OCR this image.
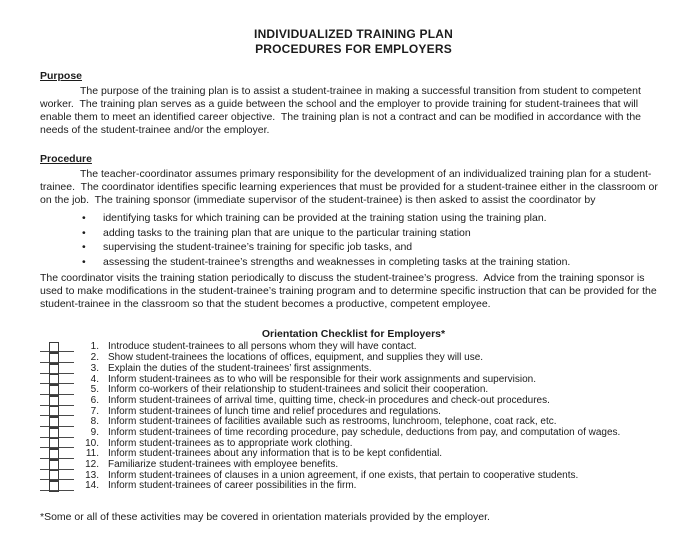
INDIVIDUALIZED TRAINING PLAN
PROCEDURES FOR EMPLOYERS
Purpose
The purpose of the training plan is to assist a student-trainee in making a successful transition from student to competent worker.  The training plan serves as a guide between the school and the employer to provide training for student-trainees that will enable them to meet an identified career objective.  The training plan is not a contract and can be modified in accordance with the needs of the student-trainee and/or the employer.
Procedure
The teacher-coordinator assumes primary responsibility for the development of an individualized training plan for a student-trainee.  The coordinator identifies specific learning experiences that must be provided for a student-trainee either in the classroom or on the job.  The training sponsor (immediate supervisor of the student-trainee) is then asked to assist the coordinator by
•	identifying tasks for which training can be provided at the training station using the training plan.
•	adding tasks to the training plan that are unique to the particular training station
•	supervising the student-trainee’s training for specific job tasks, and
•	assessing the student-trainee’s strengths and weaknesses in completing tasks at the training station.
The coordinator visits the training station periodically to discuss the student-trainee’s progress.  Advice from the training sponsor is used to make modifications in the student-trainee’s training program and to determine specific instruction that can be provided for the student-trainee in the classroom so that the student becomes a productive, competent employee.
Orientation Checklist for Employers*
1. Introduce student-trainees to all persons whom they will have contact.
2. Show student-trainees the locations of offices, equipment, and supplies they will use.
3. Explain the duties of the student-trainees’ first assignments.
4. Inform student-trainees as to who will be responsible for their work assignments and supervision.
5. Inform co-workers of their relationship to student-trainees and solicit their cooperation.
6. Inform student-trainees of arrival time, quitting time, check-in procedures and check-out procedures.
7. Inform student-trainees of lunch time and relief procedures and regulations.
8. Inform student-trainees of facilities available such as restrooms, lunchroom, telephone, coat rack, etc.
9. Inform student-trainees of time recording procedure, pay schedule, deductions from pay, and computation of wages.
10. Inform student-trainees as to appropriate work clothing.
11. Inform student-trainees about any information that is to be kept confidential.
12. Familiarize student-trainees with employee benefits.
13. Inform student-trainees of clauses in a union agreement, if one exists, that pertain to cooperative students.
14. Inform student-trainees of career possibilities in the firm.
*Some or all of these activities may be covered in orientation materials provided by the employer.
